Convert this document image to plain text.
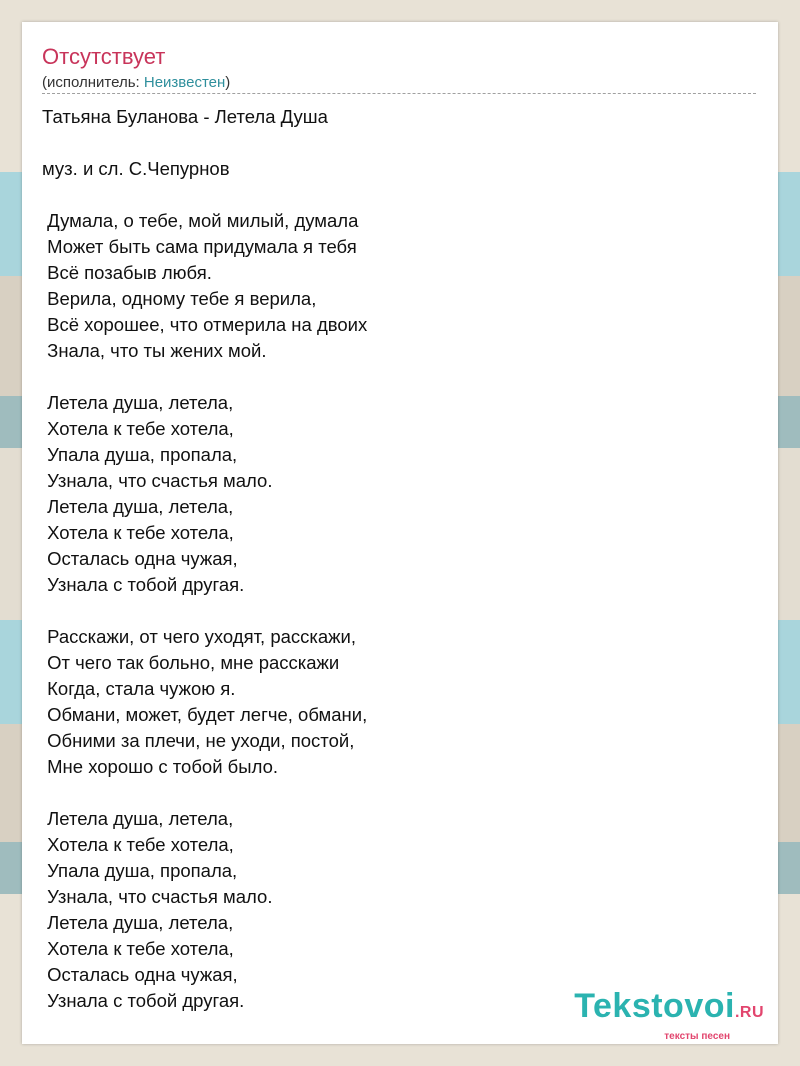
Отсутствует
(исполнитель: Неизвестен)
Татьяна Буланова - Летела Душа

муз. и сл. С.Чепурнов

Думала, о тебе, мой милый, думала
Может быть сама придумала я тебя
Всё позабыв любя.
Верила, одному тебе я верила,
Всё хорошее, что отмерила на двоих
Знала, что ты жених мой.

Летела душа, летела,
Хотела к тебе хотела,
Упала душа, пропала,
Узнала, что счастья мало.
Летела душа, летела,
Хотела к тебе хотела,
Осталась одна чужая,
Узнала с тобой другая.

Расскажи, от чего уходят, расскажи,
От чего так больно, мне расскажи
Когда, стала чужою я.
Обмани, может, будет легче, обмани,
Обними за плечи, не уходи, постой,
Мне хорошо с тобой было.

Летела душа, летела,
Хотела к тебе хотела,
Упала душа, пропала,
Узнала, что счастья мало.
Летела душа, летела,
Хотела к тебе хотела,
Осталась одна чужая,
Узнала с тобой другая.	Tekstovoi.RU
тексты песен
